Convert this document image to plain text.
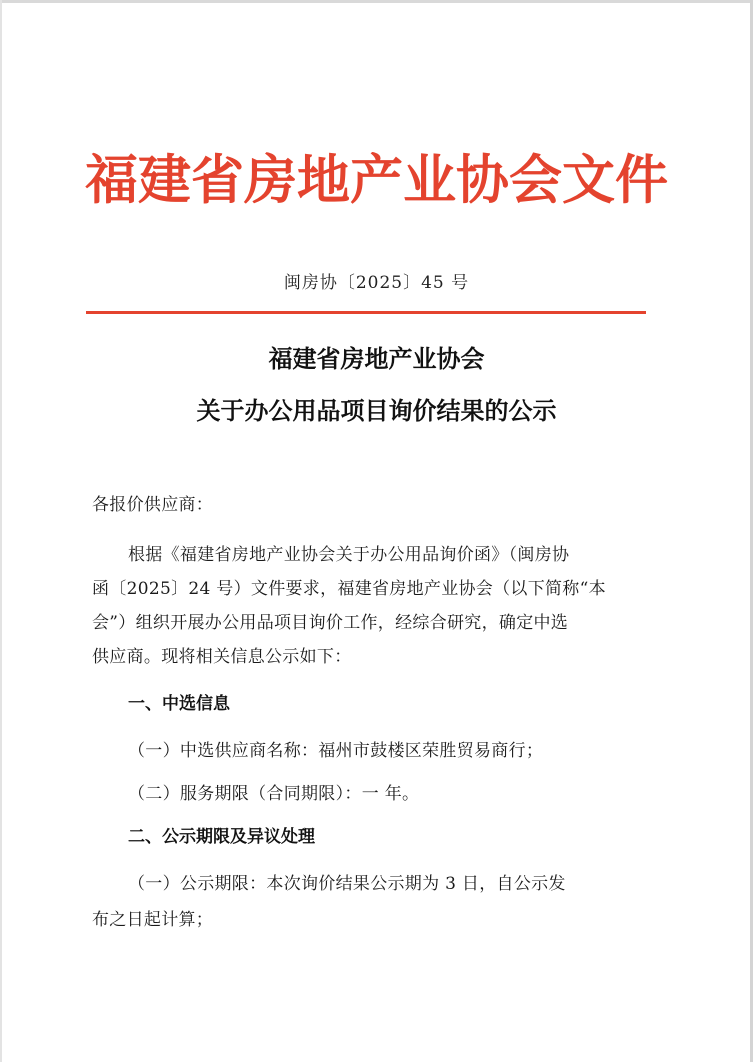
福建省房地产业协会文件
闽房协〔2025〕45 号
福建省房地产业协会
关于办公用品项目询价结果的公示
各报价供应商：
根据《福建省房地产业协会关于办公用品询价函》（闽房协
函〔2025〕24 号）文件要求，福建省房地产业协会（以下简称“本
会”）组织开展办公用品项目询价工作，经综合研究，确定中选
供应商。现将相关信息公示如下：
一、中选信息
（一）中选供应商名称：福州市鼓楼区荣胜贸易商行；
（二）服务期限（合同期限）：一 年。
二、公示期限及异议处理
（一）公示期限：本次询价结果公示期为 3 日，自公示发
布之日起计算；
